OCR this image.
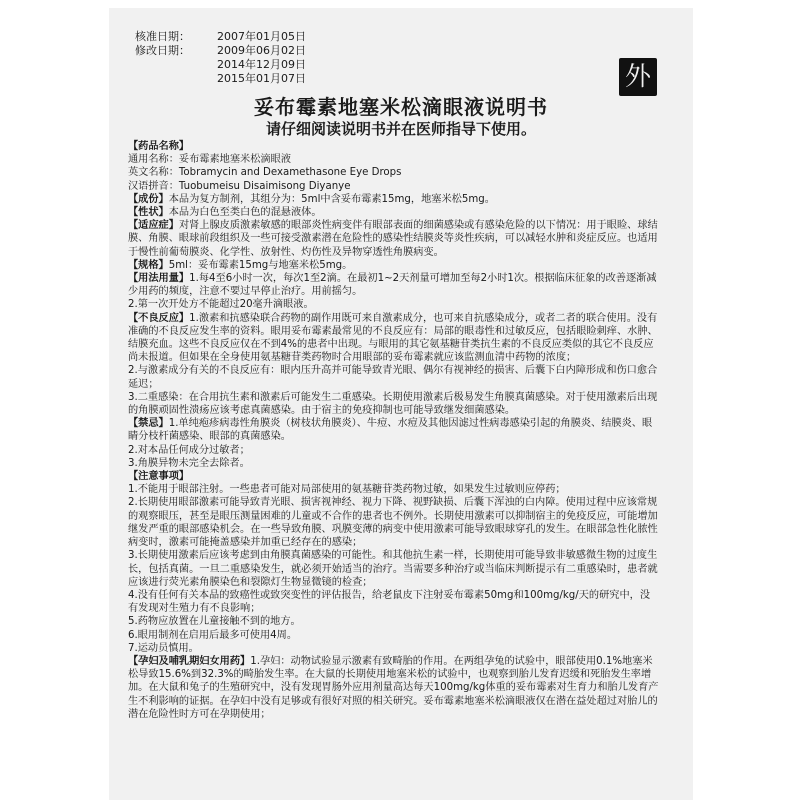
核准日期：	2007年01月05日
修改日期：	2009年06月02日
2014年12月09日
2015年01月07日	外
妥布霉素地塞米松滴眼液说明书
请仔细阅读说明书并在医师指导下使用。

【药品名称】

通用名称：妥布霉素地塞米松滴眼液

英文名称：Tobramycin and Dexamethasone Eye Drops

汉语拼音：Tuobumeisu Disaimisong Diyanye

【成份】本品为复方制剂，其组分为：5ml中含妥布霉素15mg，地塞米松5mg。

【性状】本品为白色至类白色的混悬液体。

【适应症】对肾上腺皮质激素敏感的眼部炎性病变伴有眼部表面的细菌感染或有感染危险的以下情况：用于眼睑、球结膜、角膜、眼球前段组织及一些可接受激素潜在危险性的感染性结膜炎等炎性疾病，可以减轻水肿和炎症反应。也适用于慢性前葡萄膜炎、化学性、放射性、灼伤性及异物穿透性角膜病变。

【规格】5ml：妥布霉素15mg与地塞米松5mg。

【用法用量】1.每4至6小时一次，每次1至2滴。在最初1~2天剂量可增加至每2小时1次。根据临床征象的改善逐渐减少用药的频度，注意不要过早停止治疗。用前摇匀。

2.第一次开处方不能超过20毫升滴眼液。

【不良反应】1.激素和抗感染联合药物的副作用既可来自激素成分，也可来自抗感染成分，或者二者的联合使用。没有准确的不良反应发生率的资料。眼用妥布霉素最常见的不良反应有：局部的眼毒性和过敏反应，包括眼睑刺痒、水肿、结膜充血。这些不良反应仅在不到4%的患者中出现。与眼用的其它氨基糖苷类抗生素的不良反应类似的其它不良反应尚未报道。但如果在全身使用氨基糖苷类药物时合用眼部的妥布霉素就应该监测血清中药物的浓度；

2.与激素成分有关的不良反应有：眼内压升高并可能导致青光眼、偶尔有视神经的损害、后囊下白内障形成和伤口愈合延迟；

3.二重感染：在合用抗生素和激素后可能发生二重感染。长期使用激素后极易发生角膜真菌感染。对于使用激素后出现的角膜顽固性溃疡应该考虑真菌感染。由于宿主的免疫抑制也可能导致继发细菌感染。

【禁忌】1.单纯疱疹病毒性角膜炎（树枝状角膜炎）、牛痘、水痘及其他因滤过性病毒感染引起的角膜炎、结膜炎、眼睛分枝杆菌感染、眼部的真菌感染。

2.对本品任何成分过敏者；

3.角膜异物未完全去除者。

【注意事项】

1.不能用于眼部注射。一些患者可能对局部使用的氨基糖苷类药物过敏，如果发生过敏则应停药；

2.长期使用眼部激素可能导致青光眼、损害视神经、视力下降、视野缺损、后囊下浑浊的白内障。使用过程中应该常规的观察眼压，甚至是眼压测量困难的儿童或不合作的患者也不例外。长期使用激素可以抑制宿主的免疫反应，可能增加继发严重的眼部感染机会。在一些导致角膜、巩膜变薄的病变中使用激素可能导致眼球穿孔的发生。在眼部急性化脓性病变时，激素可能掩盖感染并加重已经存在的感染；

3.长期使用激素后应该考虑到由角膜真菌感染的可能性。和其他抗生素一样，长期使用可能导致非敏感微生物的过度生长，包括真菌。一旦二重感染发生，就必须开始适当的治疗。当需要多种治疗或当临床判断提示有二重感染时，患者就应该进行荧光素角膜染色和裂隙灯生物显微镜的检查；

4.没有任何有关本品的致癌性或致突变性的评估报告，给老鼠皮下注射妥布霉素50mg和100mg/kg/天的研究中，没有发现对生殖力有不良影响；

5.药物应放置在儿童接触不到的地方。

6.眼用制剂在启用后最多可使用4周。

7.运动员慎用。

【孕妇及哺乳期妇女用药】1.孕妇：动物试验显示激素有致畸胎的作用。在两组孕兔的试验中，眼部使用0.1%地塞米松导致15.6%到32.3%的畸胎发生率。在大鼠的长期使用地塞米松的试验中，也观察到胎儿发育迟缓和死胎发生率增加。在大鼠和兔子的生殖研究中，没有发现胃肠外应用剂量高达每天100mg/kg体重的妥布霉素对生育力和胎儿发育产生不利影响的证据。在孕妇中没有足够或有很好对照的相关研究。妥布霉素地塞米松滴眼液仅在潜在益处超过对胎儿的潜在危险性时方可在孕期使用；
